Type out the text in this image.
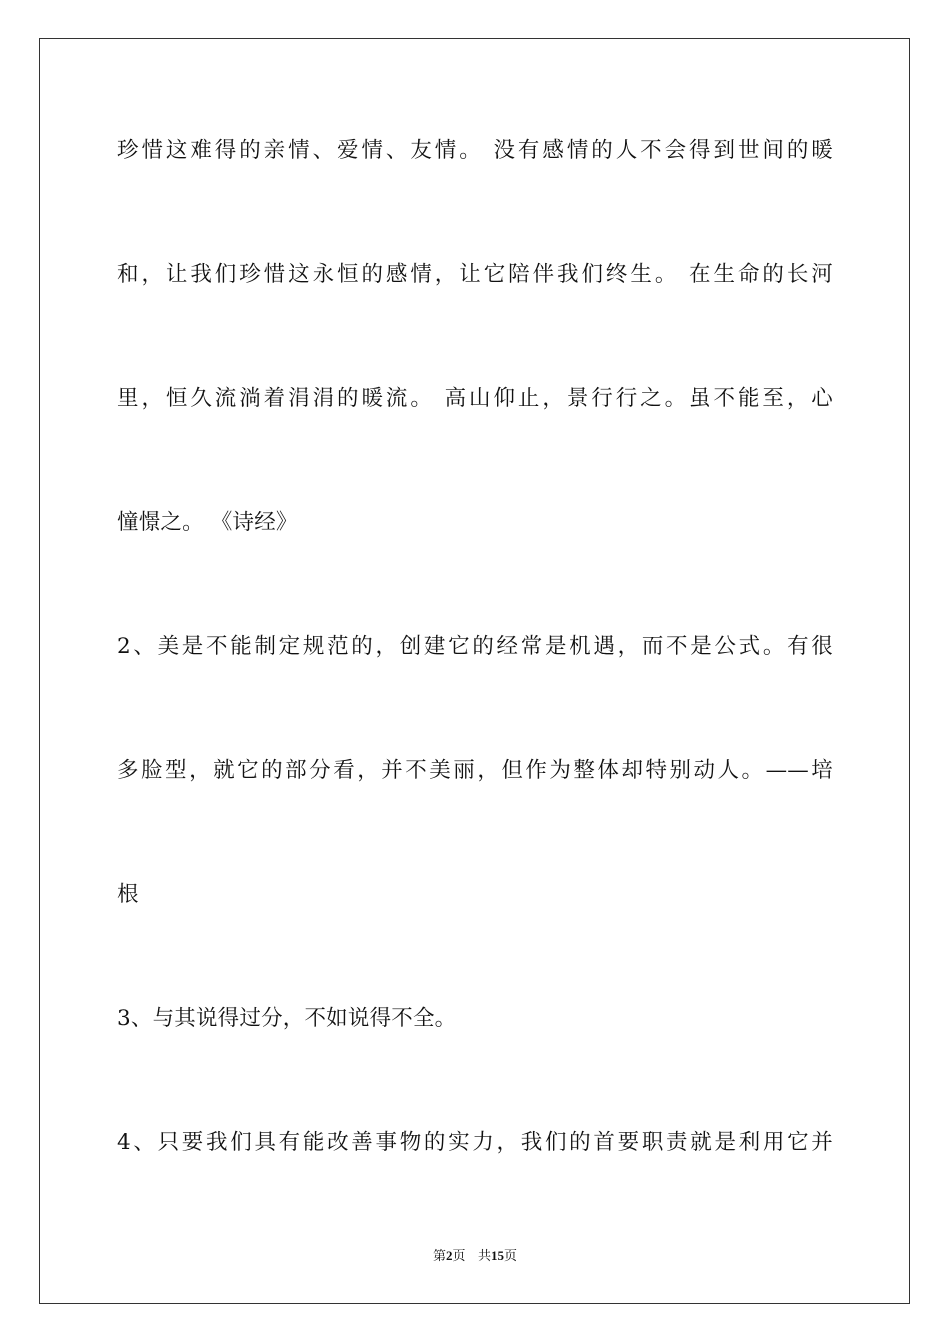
珍惜这难得的亲情、爱情、友情。 没有感情的人不会得到世间的暖
和，让我们珍惜这永恒的感情，让它陪伴我们终生。 在生命的长河
里，恒久流淌着涓涓的暖流。 高山仰止，景行行之。虽不能至，心
憧憬之。 《诗经》
2、美是不能制定规范的，创建它的经常是机遇，而不是公式。有很
多脸型，就它的部分看，并不美丽，但作为整体却特别动人。——培
根
3、与其说得过分，不如说得不全。
4、只要我们具有能改善事物的实力，我们的首要职责就是利用它并
第2页 共15页
